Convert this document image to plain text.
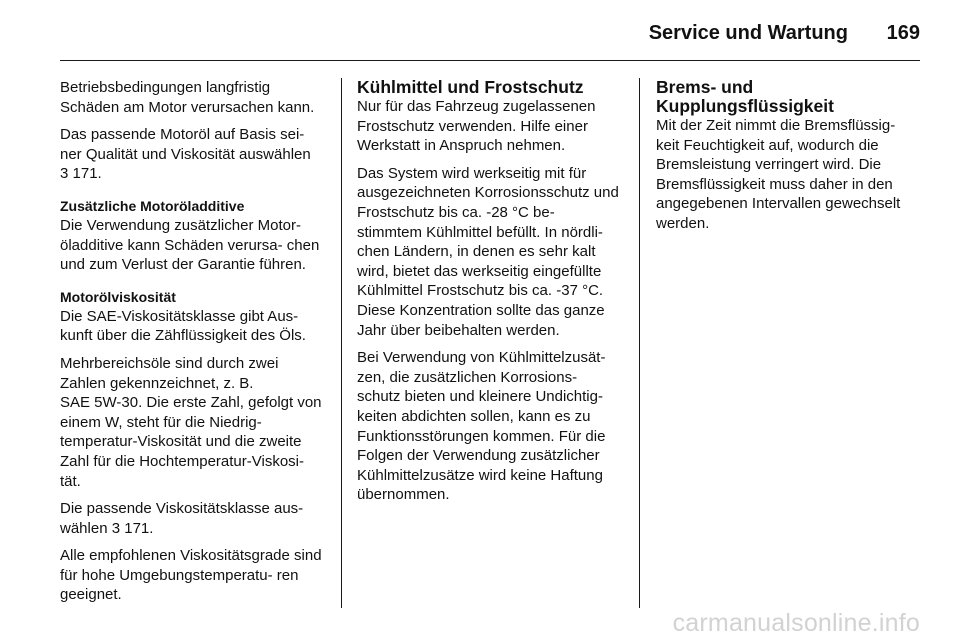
Service und Wartung 169

Betriebsbedingungen langfristig Schäden am Motor verursachen kann.

Das passende Motoröl auf Basis sei- ner Qualität und Viskosität auswählen 3 171.

Zusätzliche Motoröladditive

Die Verwendung zusätzlicher Motor- öladditive kann Schäden verursa- chen und zum Verlust der Garantie führen.

Motorölviskosität

Die SAE-Viskositätsklasse gibt Aus- kunft über die Zähflüssigkeit des Öls.

Mehrbereichsöle sind durch zwei Zahlen gekennzeichnet, z. B.
SAE 5W-30. Die erste Zahl, gefolgt von einem W, steht für die Niedrig- temperatur-Viskosität und die zweite Zahl für die Hochtemperatur-Viskosi- tät.

Die passende Viskositätsklasse aus- wählen 3 171.

Alle empfohlenen Viskositätsgrade sind für hohe Umgebungstemperatu- ren geeignet.

Kühlmittel und Frostschutz

Nur für das Fahrzeug zugelassenen Frostschutz verwenden. Hilfe einer Werkstatt in Anspruch nehmen.

Das System wird werkseitig mit für ausgezeichneten Korrosionsschutz und Frostschutz bis ca. -28 °C be- stimmtem Kühlmittel befüllt. In nördli- chen Ländern, in denen es sehr kalt wird, bietet das werkseitig eingefüllte Kühlmittel Frostschutz bis ca. -37 °C. Diese Konzentration sollte das ganze Jahr über beibehalten werden.

Bei Verwendung von Kühlmittelzusät- zen, die zusätzlichen Korrosions- schutz bieten und kleinere Undichtig- keiten abdichten sollen, kann es zu Funktionsstörungen kommen. Für die Folgen der Verwendung zusätzlicher Kühlmittelzusätze wird keine Haftung übernommen.

Brems- und
Kupplungsflüssigkeit

Mit der Zeit nimmt die Bremsflüssig- keit Feuchtigkeit auf, wodurch die Bremsleistung verringert wird. Die Bremsflüssigkeit muss daher in den angegebenen Intervallen gewechselt werden.

carmanualsonline.info
